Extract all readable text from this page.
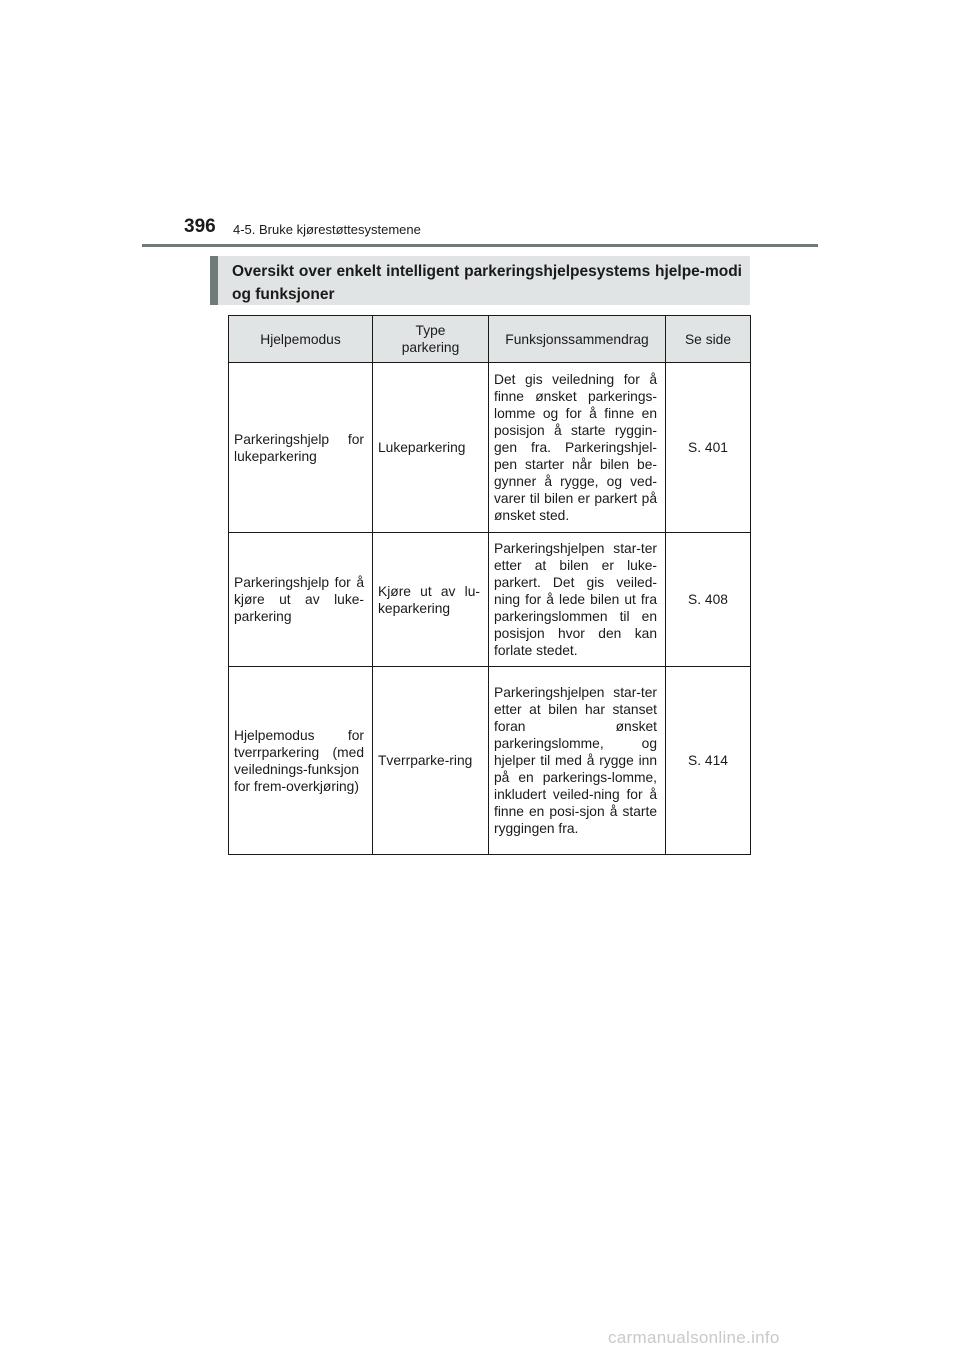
396 4-5. Bruke kjørestøttesystemene
Oversikt over enkelt intelligent parkeringshjelpesystems hjelpe-modi og funksjoner
Hjelpemodus	Type parkering	Funksjonssammendrag	Se side

Parkeringshjelp for lukeparkering	Lukeparkering	Det gis veiledning for å finne ønsket parkerings-lomme og for å finne en posisjon å starte ryggin-gen fra. Parkeringshjel-pen starter når bilen be-gynner å rygge, og ved-varer til bilen er parkert på ønsket sted.	S. 401

Parkeringshjelp for å kjøre ut av luke-parkering	Kjøre ut av lu-keparkering	Parkeringshjelpen star-ter etter at bilen er luke-parkert. Det gis veiled-ning for å lede bilen ut fra parkeringslommen til en posisjon hvor den kan forlate stedet.	S. 408

Hjelpemodus for tverrparkering (med veilednings-funksjon for frem-overkjøring)	Tverrparke-ring	Parkeringshjelpen star-ter etter at bilen har stanset foran ønsket parkeringslomme, og hjelper til med å rygge inn på en parkerings-lomme, inkludert veiled-ning for å finne en posi-sjon å starte ryggingen fra.	S. 414
carmanualsonline.info
